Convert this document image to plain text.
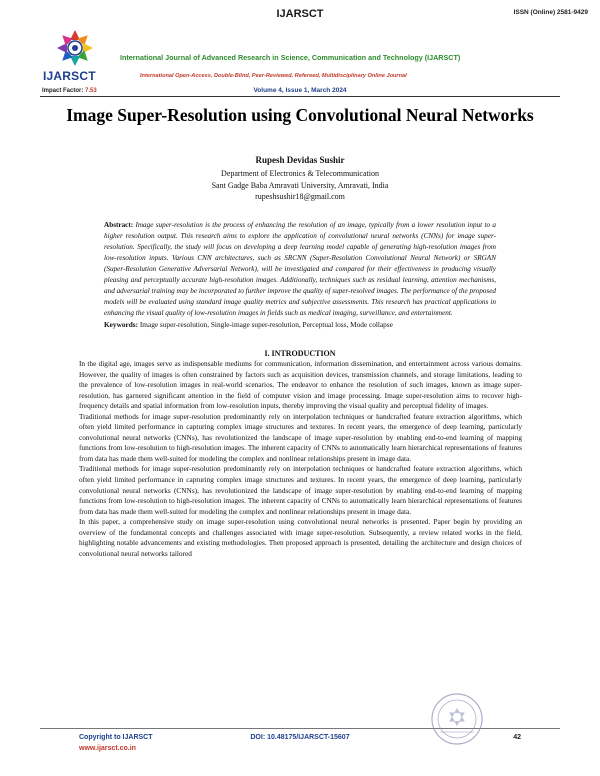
IJARSCT	ISSN (Online) 2581-9429
IJARSCT
International Journal of Advanced Research in Science, Communication and Technology (IJARSCT)
International Open-Access, Double-Blind, Peer-Reviewed, Refereed, Multidisciplinary Online Journal
Impact Factor: 7.53	Volume 4, Issue 1, March 2024
Image Super-Resolution using Convolutional Neural Networks
Rupesh Devidas Sushir
Department of Electronics & Telecommunication
Sant Gadge Baba Amravati University, Amravati, India
rupeshsushir18@gmail.com
Abstract: Image super-resolution is the process of enhancing the resolution of an image, typically from a lower resolution input to a higher resolution output. This research aims to explore the application of convolutional neural networks (CNNs) for image super-resolution. Specifically, the study will focus on developing a deep learning model capable of generating high-resolution images from low-resolution inputs. Various CNN architectures, such as SRCNN (Super-Resolution Convolutional Neural Network) or SRGAN (Super-Resolution Generative Adversarial Network), will be investigated and compared for their effectiveness in producing visually pleasing and perceptually accurate high-resolution images. Additionally, techniques such as residual learning, attention mechanisms, and adversarial training may be incorporated to further improve the quality of super-resolved images. The performance of the proposed models will be evaluated using standard image quality metrics and subjective assessments. This research has practical applications in enhancing the visual quality of low-resolution images in fields such as medical imaging, surveillance, and entertainment.
Keywords: Image super-resolution, Single-image super-resolution, Perceptual loss, Mode collapse
I. INTRODUCTION

In the digital age, images serve as indispensable mediums for communication, information dissemination, and entertainment across various domains. However, the quality of images is often constrained by factors such as acquisition devices, transmission channels, and storage limitations, leading to the prevalence of low-resolution images in real-world scenarios. The endeavor to enhance the resolution of such images, known as image super-resolution, has garnered significant attention in the field of computer vision and image processing. Image super-resolution aims to recover high-frequency details and spatial information from low-resolution inputs, thereby improving the visual quality and perceptual fidelity of images.

Traditional methods for image super-resolution predominantly rely on interpolation techniques or handcrafted feature extraction algorithms, which often yield limited performance in capturing complex image structures and textures. In recent years, the emergence of deep learning, particularly convolutional neural networks (CNNs), has revolutionized the landscape of image super-resolution by enabling end-to-end learning of mapping functions from low-resolution to high-resolution images. The inherent capacity of CNNs to automatically learn hierarchical representations of features from data has made them well-suited for modeling the complex and nonlinear relationships present in image data.

Traditional methods for image super-resolution predominantly rely on interpolation techniques or handcrafted feature extraction algorithms, which often yield limited performance in capturing complex image structures and textures. In recent years, the emergence of deep learning, particularly convolutional neural networks (CNNs), has revolutionized the landscape of image super-resolution by enabling end-to-end learning of mapping functions from low-resolution to high-resolution images. The inherent capacity of CNNs to automatically learn hierarchical representations of features from data has made them well-suited for modeling the complex and nonlinear relationships present in image data.

In this paper, a comprehensive study on image super-resolution using convolutional neural networks is presented. Paper begin by providing an overview of the fundamental concepts and challenges associated with image super-resolution. Subsequently, a review related works in the field, highlighting notable advancements and existing methodologies. Then proposed approach is presented, detailing the architecture and design choices of convolutional neural networks tailored

Copyright to IJARSCT
www.ijarsct.co.in
DOI: 10.48175/IJARSCT-15607	42
